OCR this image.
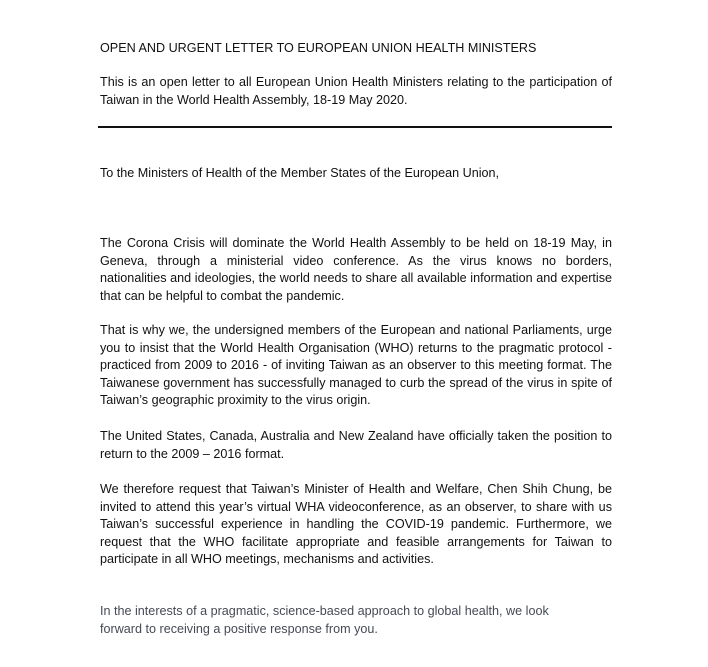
OPEN AND URGENT LETTER TO EUROPEAN UNION HEALTH MINISTERS
This is an open letter to all European Union Health Ministers relating to the participation of Taiwan in the World Health Assembly, 18-19 May 2020.
To the Ministers of Health of the Member States of the European Union,

The Corona Crisis will dominate the World Health Assembly to be held on 18-19 May, in Geneva, through a ministerial video conference. As the virus knows no borders, nationalities and ideologies, the world needs to share all available information and expertise that can be helpful to combat the pandemic.

That is why we, the undersigned members of the European and national Parliaments, urge you to insist that the World Health Organisation (WHO) returns to the pragmatic protocol - practiced from 2009 to 2016 - of inviting Taiwan as an observer to this meeting format. The Taiwanese government has successfully managed to curb the spread of the virus in spite of Taiwan’s geographic proximity to the virus origin.

The United States, Canada, Australia and New Zealand have officially taken the position to return to the 2009 – 2016 format.

We therefore request that Taiwan’s Minister of Health and Welfare, Chen Shih Chung, be invited to attend this year’s virtual WHA videoconference, as an observer, to share with us Taiwan’s successful experience in handling the COVID-19 pandemic. Furthermore, we request that the WHO facilitate appropriate and feasible arrangements for Taiwan to participate in all WHO meetings, mechanisms and activities.

In the interests of a pragmatic, science-based approach to global health, we look forward to receiving a positive response from you.
